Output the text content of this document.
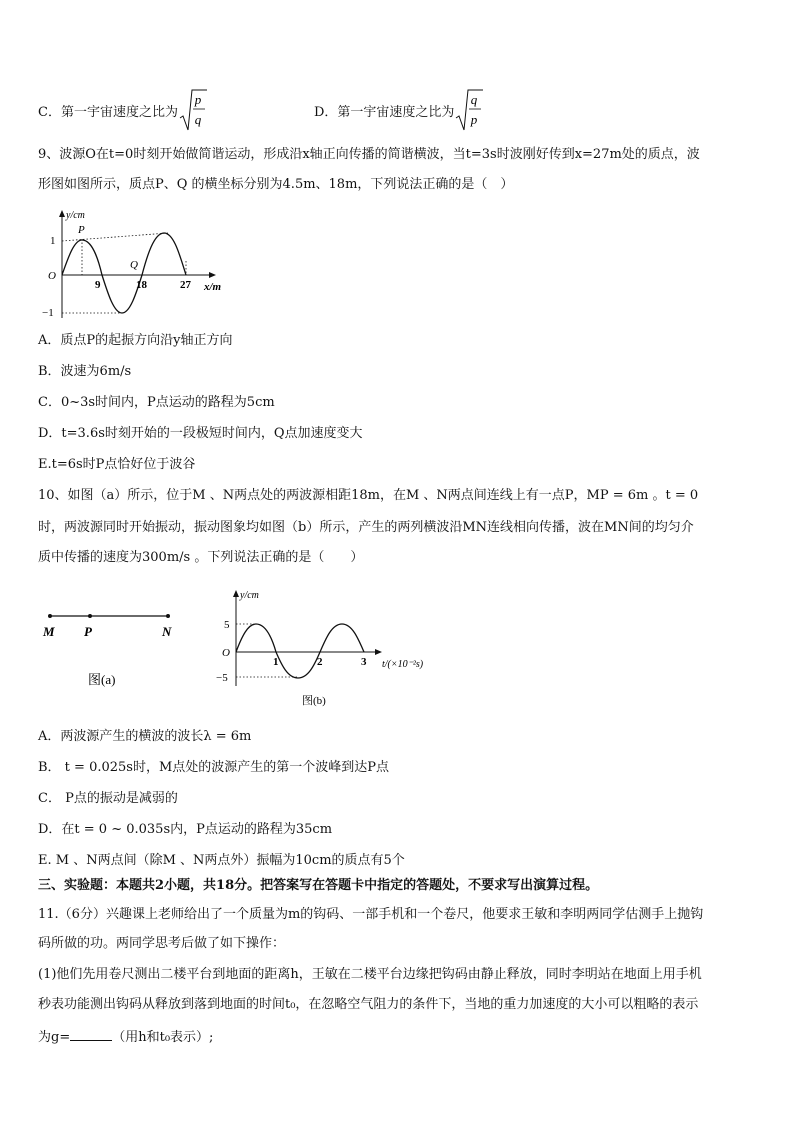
C．第一宇宙速度之比为
p
q	D．第一宇宙速度之比为
q
p
9、波源O在t=0时刻开始做简谐运动，形成沿x轴正向传播的简谐横波，当t=3s时波刚好传到x=27m处的质点，波
形图如图所示，质点P、Q 的横坐标分别为4.5m、18m，下列说法正确的是（　）
y/cm
1
−1
O
P
Q
9	18	27 x/m
A．质点P的起振方向沿y轴正方向
B．波速为6m/s
C．0~3s时间内，P点运动的路程为5cm
D．t=3.6s时刻开始的一段极短时间内，Q点加速度变大
E.t=6s时P点恰好位于波谷
10、如图（a）所示，位于M 、N两点处的两波源相距18m，在M 、N两点间连线上有一点P，MP = 6m 。t = 0
时，两波源同时开始振动，振动图象均如图（b）所示，产生的两列横波沿MN连线相向传播，波在MN间的均匀介
质中传播的速度为300m/s 。下列说法正确的是（　　）
M P	N
图(a)
y/cm
5
−5
O
1	2	3 t/(×10⁻²s)
图(b)
A．两波源产生的横波的波长λ = 6m
B． t = 0.025s时，M点处的波源产生的第一个波峰到达P点
C． P点的振动是减弱的
D．在t = 0 ~ 0.035s内，P点运动的路程为35cm
E. M 、N两点间（除M 、N两点外）振幅为10cm的质点有5个
三、实验题：本题共2小题，共18分。把答案写在答题卡中指定的答题处，不要求写出演算过程。
11.（6分）兴趣课上老师给出了一个质量为m的钩码、一部手机和一个卷尺，他要求王敏和李明两同学估测手上抛钩
码所做的功。两同学思考后做了如下操作：
(1)他们先用卷尺测出二楼平台到地面的距离h，王敏在二楼平台边缘把钩码由静止释放，同时李明站在地面上用手机
秒表功能测出钩码从释放到落到地面的时间t₀，在忽略空气阻力的条件下，当地的重力加速度的大小可以粗略的表示
为g=	（用h和t₀表示）;
